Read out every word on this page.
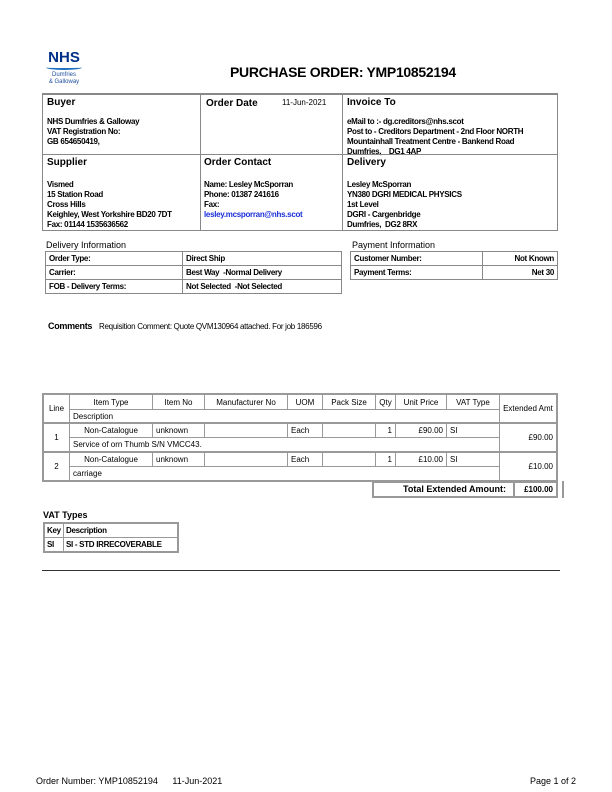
NHS
Dumfries
& Galloway
PURCHASE ORDER: YMP10852194
Buyer
NHS Dumfries & Galloway
VAT Registration No:
GB 654650419,
Order Date	11-Jun-2021 Invoice To
eMail to :- dg.creditors@nhs.scot
Post to - Creditors Department - 2nd Floor NORTH
Mountainhall Treatment Centre - Bankend Road
Dumfries,    DG1 4AP
Supplier
Vismed
15 Station Road
Cross Hills
Keighley, West Yorkshire BD20 7DT
Fax: 01144 1535636562
Order Contact
Name: Lesley McSporran
Phone: 01387 241616
Fax:
lesley.mcsporran@nhs.scot
Delivery
Lesley McSporran
YN380 DGRI MEDICAL PHYSICS
1st Level
DGRI - Cargenbridge
Dumfries,  DG2 8RX
Delivery Information
Order Type:	Direct Ship
Carrier:	Best Way  -Normal Delivery
FOB - Delivery Terms:	Not Selected  -Not Selected
Payment Information
Customer Number:	Not Known
Payment Terms:	Net 30
Comments Requisition Comment: Quote QVM130964 attached. For job 186596
Line	Item Type	Item No	Manufacturer No	UOM	Pack Size	Qty	Unit Price	VAT Type	Extended Amt
	Description								
1	Non-Catalogue	unknown		Each		1	£90.00	SI	£90.00
	Service of orn Thumb S/N VMCC43.								
2	Non-Catalogue	unknown		Each		1	£10.00	SI	£10.00
	carriage								
Total Extended Amount: £100.00
VAT Types
Key	Description
SI	SI - STD IRRECOVERABLE
Order Number: YMP10852194 11-Jun-2021	Page 1 of 2
